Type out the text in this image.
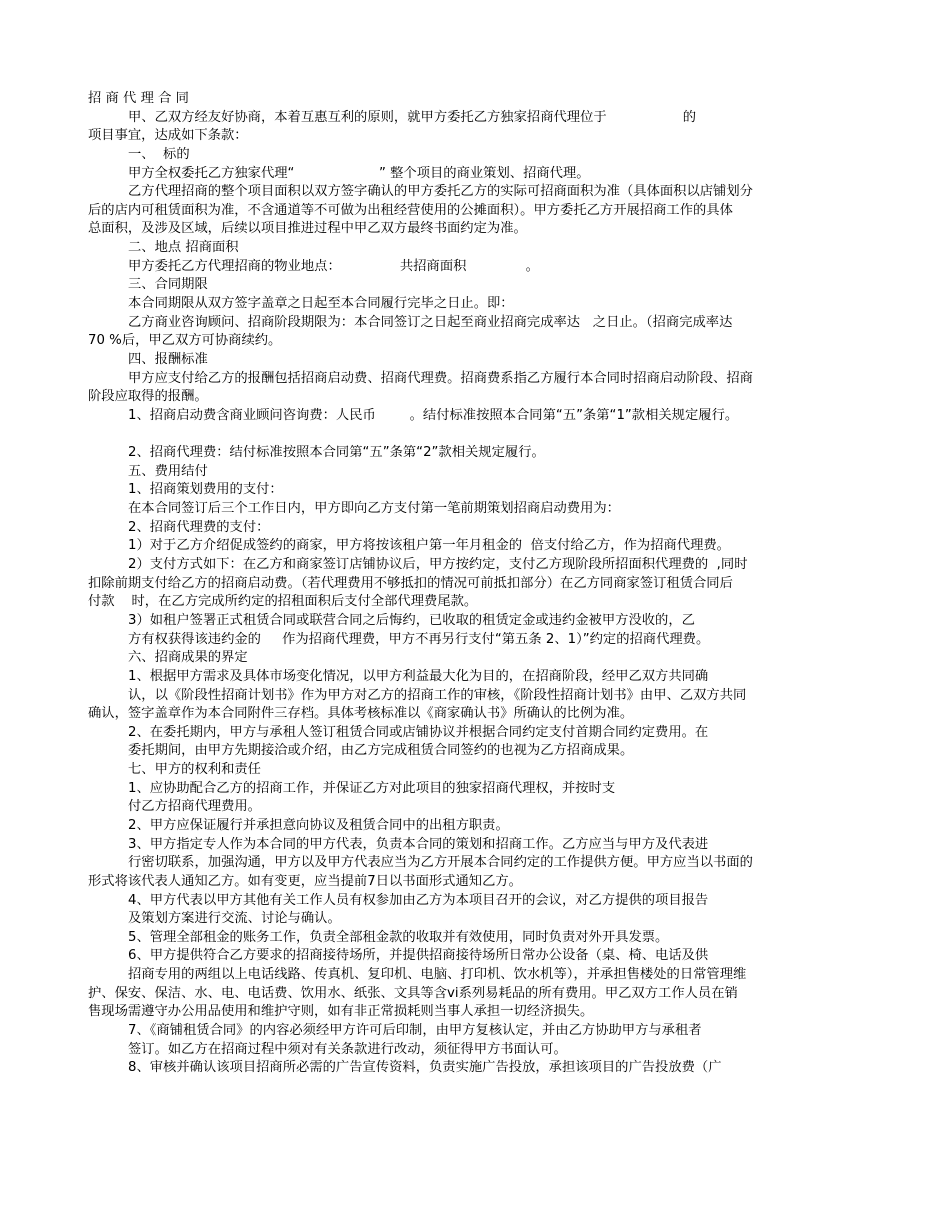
招 商 代 理 合 同
甲、乙双方经友好协商，本着互惠互利的原则，就甲方委托乙方独家招商代理位于                  的
项目事宜，达成如下条款：
一、  标的
甲方全权委托乙方独家代理“                    ” 整个项目的商业策划、招商代理。
乙方代理招商的整个项目面积以双方签字确认的甲方委托乙方的实际可招商面积为准（具体面积以店铺划分
后的店内可租赁面积为准，不含通道等不可做为出租经营使用的公摊面积）。甲方委托乙方开展招商工作的具体
总面积，及涉及区域，后续以项目推进过程中甲乙双方最终书面约定为准。
二、地点 招商面积
甲方委托乙方代理招商的物业地点：              共招商面积              。
三、合同期限
本合同期限从双方签字盖章之日起至本合同履行完毕之日止。即：
乙方商业咨询顾问、招商阶段期限为：本合同签订之日起至商业招商完成率达   之日止。（招商完成率达
70 %后，甲乙双方可协商续约。
四、报酬标准
甲方应支付给乙方的报酬包括招商启动费、招商代理费。招商费系指乙方履行本合同时招商启动阶段、招商
阶段应取得的报酬。
1、招商启动费含商业顾问咨询费：人民币        。结付标准按照本合同第“五”条第“1”款相关规定履行。
2、招商代理费：结付标准按照本合同第“五”条第“2”款相关规定履行。
五、费用结付
1、招商策划费用的支付：
在本合同签订后三个工作日内，甲方即向乙方支付第一笔前期策划招商启动费用为：
2、招商代理费的支付：
1）对于乙方介绍促成签约的商家，甲方将按该租户第一年月租金的  倍支付给乙方，作为招商代理费。
2）支付方式如下：在乙方和商家签订店铺协议后，甲方按约定，支付乙方现阶段所招面积代理费的  ,同时
扣除前期支付给乙方的招商启动费。（若代理费用不够抵扣的情况可前抵扣部分）在乙方同商家签订租赁合同后
付款    时，在乙方完成所约定的招租面积后支付全部代理费尾款。
3）如租户签署正式租赁合同或联营合同之后悔约，已收取的租赁定金或违约金被甲方没收的，乙
方有权获得该违约金的     作为招商代理费，甲方不再另行支付“第五条 2、1）”约定的招商代理费。
六、招商成果的界定
1、根据甲方需求及具体市场变化情况，以甲方利益最大化为目的，在招商阶段，经甲乙双方共同确
认，以《阶段性招商计划书》作为甲方对乙方的招商工作的审核，《阶段性招商计划书》由甲、乙双方共同
确认，签字盖章作为本合同附件三存档。具体考核标准以《商家确认书》所确认的比例为准。
2、在委托期内，甲方与承租人签订租赁合同或店铺协议并根据合同约定支付首期合同约定费用。在
委托期间，由甲方先期接洽或介绍，由乙方完成租赁合同签约的也视为乙方招商成果。
七、甲方的权利和责任
1、应协助配合乙方的招商工作，并保证乙方对此项目的独家招商代理权，并按时支
付乙方招商代理费用。
2、甲方应保证履行并承担意向协议及租赁合同中的出租方职责。
3、甲方指定专人作为本合同的甲方代表，负责本合同的策划和招商工作。乙方应当与甲方及代表进
行密切联系，加强沟通，甲方以及甲方代表应当为乙方开展本合同约定的工作提供方便。甲方应当以书面的
形式将该代表人通知乙方。如有变更，应当提前7日以书面形式通知乙方。
4、甲方代表以甲方其他有关工作人员有权参加由乙方为本项目召开的会议，对乙方提供的项目报告
及策划方案进行交流、讨论与确认。
5、管理全部租金的账务工作，负责全部租金款的收取并有效使用，同时负责对外开具发票。
6、甲方提供符合乙方要求的招商接待场所，并提供招商接待场所日常办公设备（桌、椅、电话及供
招商专用的两组以上电话线路、传真机、复印机、电脑、打印机、饮水机等），并承担售楼处的日常管理维
护、保安、保洁、水、电、电话费、饮用水、纸张、文具等含vi系列易耗品的所有费用。甲乙双方工作人员在销
售现场需遵守办公用品使用和维护守则，如有非正常损耗则当事人承担一切经济损失。
7、《商铺租赁合同》的内容必须经甲方许可后印制，由甲方复核认定，并由乙方协助甲方与承租者
签订。如乙方在招商过程中须对有关条款进行改动，须征得甲方书面认可。
8、审核并确认该项目招商所必需的广告宣传资料，负责实施广告投放，承担该项目的广告投放费（广
